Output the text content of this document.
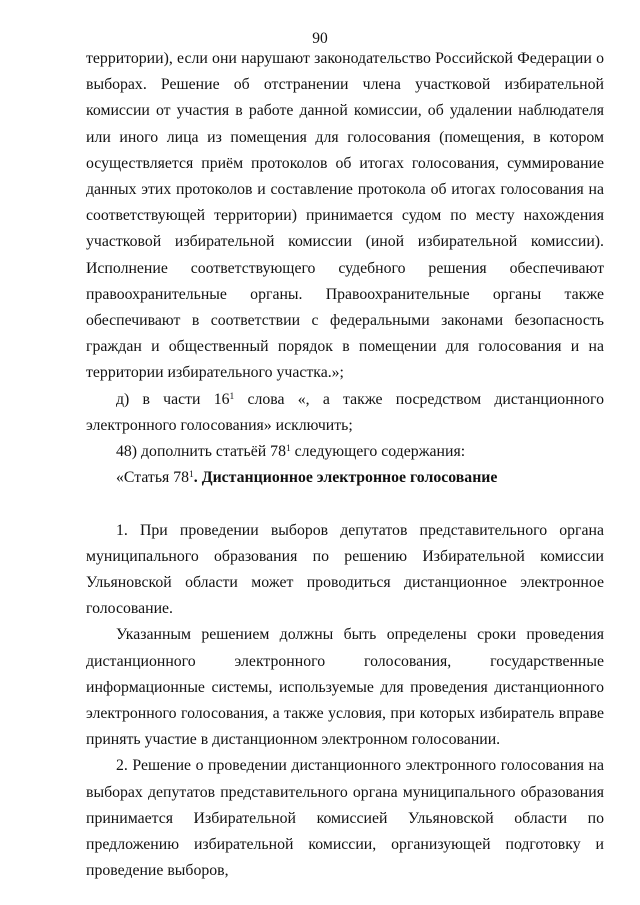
90

территории), если они нарушают законодательство Российской Федерации о выборах. Решение об отстранении члена участковой избирательной комиссии от участия в работе данной комиссии, об удалении наблюдателя или иного лица из помещения для голосования (помещения, в котором осуществляется приём протоколов об итогах голосования, суммирование данных этих протоколов и составление протокола об итогах голосования на соответствующей территории) принимается судом по месту нахождения участковой избирательной комиссии (иной избирательной комиссии). Исполнение соответствующего судебного решения обеспечивают правоохранительные органы. Правоохранительные органы также обеспечивают в соответствии с федеральными законами безопасность граждан и общественный порядок в помещении для голосования и на территории избирательного участка.»;

д) в части $16^1$ слова «, а также посредством дистанционного электронного голосования» исключить;

48) дополнить статьёй $78^1$ следующего содержания:

«Статья $78^1$. Дистанционное электронное голосование

1. При проведении выборов депутатов представительного органа муниципального образования по решению Избирательной комиссии Ульяновской области может проводиться дистанционное электронное голосование.

Указанным решением должны быть определены сроки проведения дистанционного электронного голосования, государственные информационные системы, используемые для проведения дистанционного электронного голосования, а также условия, при которых избиратель вправе принять участие в дистанционном электронном голосовании.

2. Решение о проведении дистанционного электронного голосования на выборах депутатов представительного органа муниципального образования принимается Избирательной комиссией Ульяновской области по предложению избирательной комиссии, организующей подготовку и проведение выборов,
